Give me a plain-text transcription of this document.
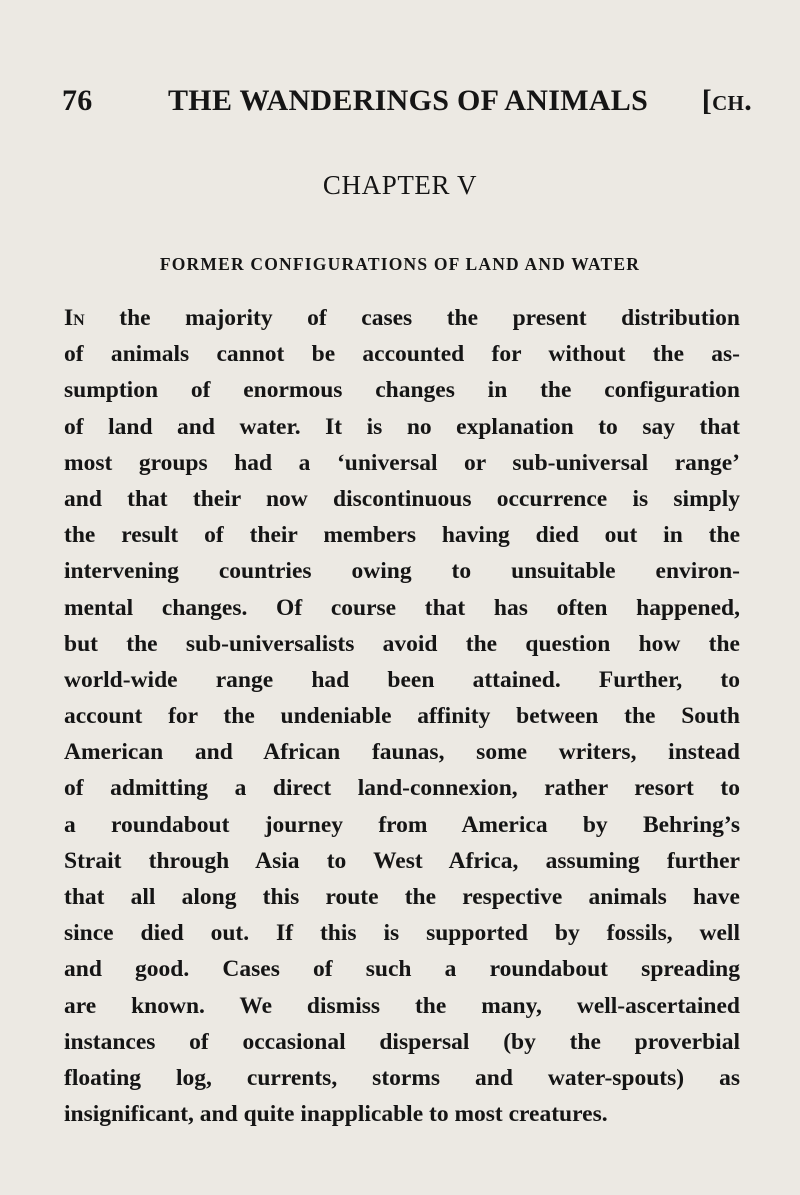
76	THE WANDERINGS OF ANIMALS [ch.
CHAPTER V
FORMER CONFIGURATIONS OF LAND AND WATER
In the majority of cases the present distribution
of animals cannot be accounted for without the as-
sumption of enormous changes in the configuration
of land and water. It is no explanation to say that
most groups had a ‘universal or sub-universal range’
and that their now discontinuous occurrence is simply
the result of their members having died out in the
intervening countries owing to unsuitable environ-
mental changes. Of course that has often happened,
but the sub-universalists avoid the question how the
world-wide range had been attained. Further, to
account for the undeniable affinity between the South
American and African faunas, some writers, instead
of admitting a direct land-connexion, rather resort to
a roundabout journey from America by Behring’s
Strait through Asia to West Africa, assuming further
that all along this route the respective animals have
since died out. If this is supported by fossils, well
and good. Cases of such a roundabout spreading
are known. We dismiss the many, well-ascertained
instances of occasional dispersal (by the proverbial
floating log, currents, storms and water-spouts) as
insignificant, and quite inapplicable to most creatures.
